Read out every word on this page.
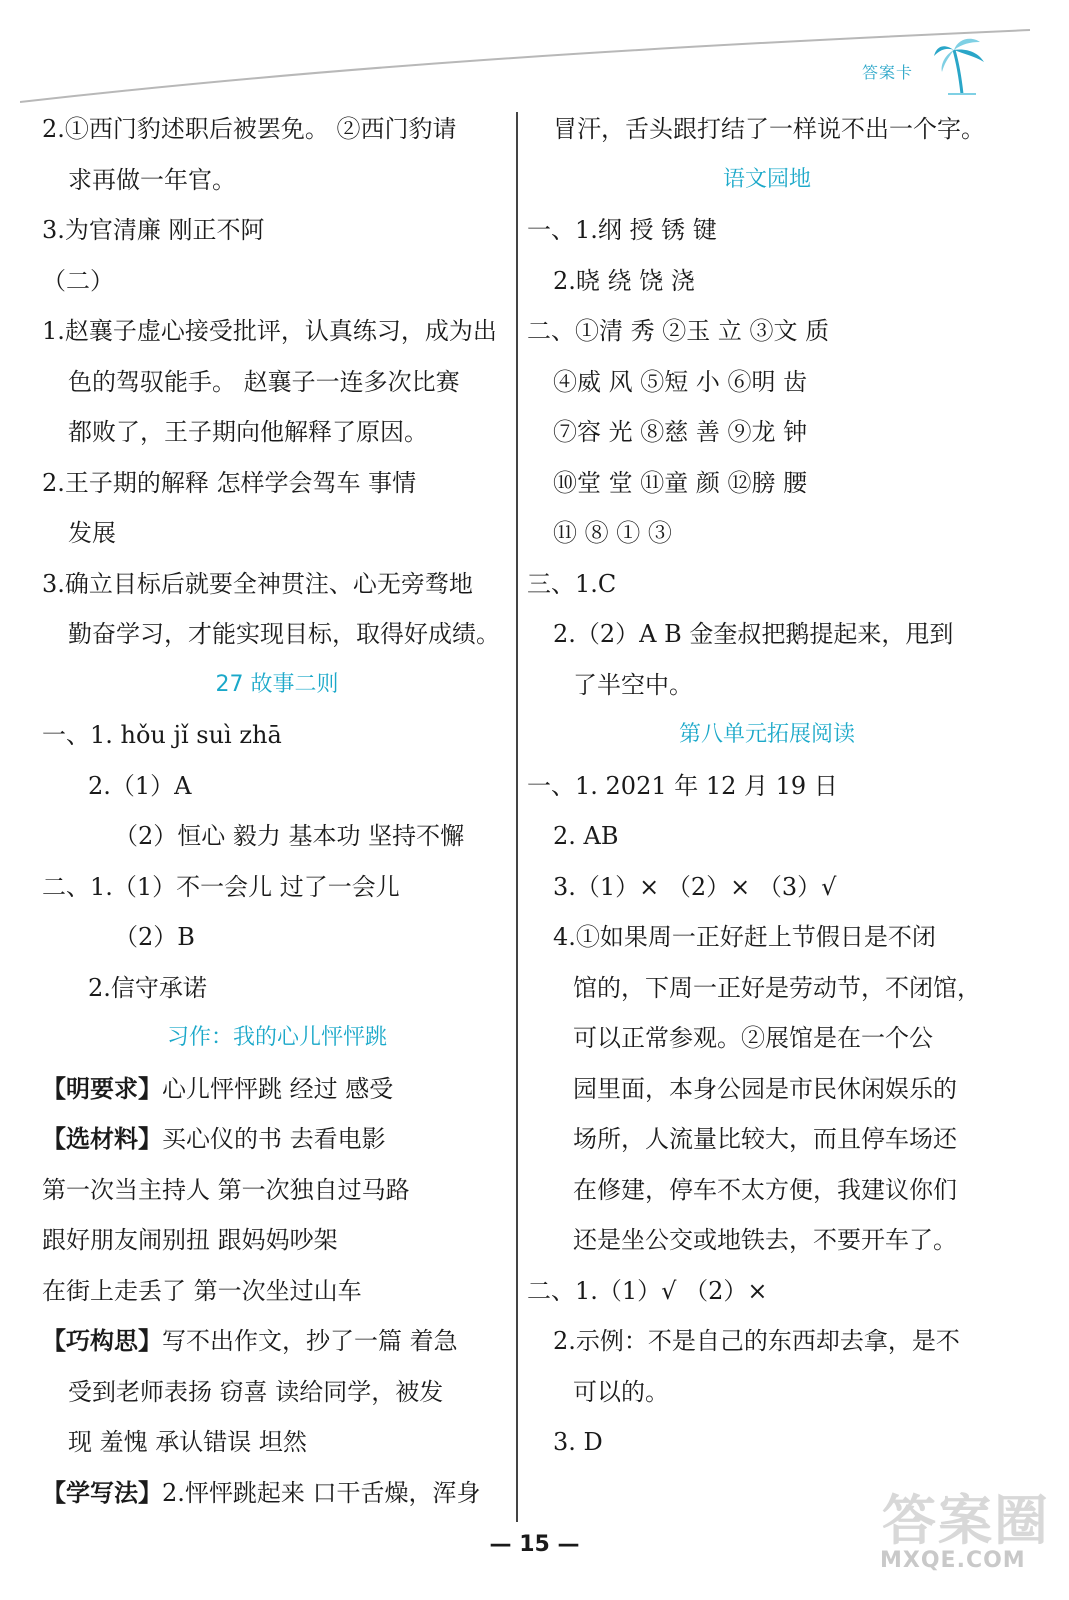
答案卡
2.①西门豹述职后被罢免。 ②西门豹请
求再做一年官。
3.为官清廉 刚正不阿
（二）
1.赵襄子虚心接受批评，认真练习，成为出
色的驾驭能手。 赵襄子一连多次比赛
都败了，王子期向他解释了原因。
2.王子期的解释 怎样学会驾车 事情
发展
3.确立目标后就要全神贯注、心无旁骛地
勤奋学习，才能实现目标，取得好成绩。
27 故事二则
一、1. hǒu jǐ suì zhā
2.（1）A
（2）恒心 毅力 基本功 坚持不懈
二、1.（1）不一会儿 过了一会儿
（2）B
2.信守承诺
习作：我的心儿怦怦跳
【明要求】心儿怦怦跳 经过 感受
【选材料】买心仪的书 去看电影
第一次当主持人 第一次独自过马路
跟好朋友闹别扭 跟妈妈吵架
在街上走丢了 第一次坐过山车
【巧构思】写不出作文，抄了一篇 着急
受到老师表扬 窃喜 读给同学，被发
现 羞愧 承认错误 坦然
【学写法】2.怦怦跳起来 口干舌燥，浑身
冒汗，舌头跟打结了一样说不出一个字。
语文园地
一、1.纲 授 锈 键
2.晓 绕 饶 浇
二、①清 秀 ②玉 立 ③文 质
④威 风 ⑤短 小 ⑥明 齿
⑦容 光 ⑧慈 善 ⑨龙 钟
⑩堂 堂 ⑪童 颜 ⑫膀 腰
⑪ ⑧ ① ③
三、1.C
2.（2）A B 金奎叔把鹅提起来，甩到
了半空中。
第八单元拓展阅读
一、1. 2021 年 12 月 19 日
2. AB
3.（1）× （2）× （3）√
4.①如果周一正好赶上节假日是不闭
馆的，下周一正好是劳动节，不闭馆，
可以正常参观。②展馆是在一个公
园里面，本身公园是市民休闲娱乐的
场所，人流量比较大，而且停车场还
在修建，停车不太方便，我建议你们
还是坐公交或地铁去，不要开车了。
二、1.（1）√ （2）×
2.示例：不是自己的东西却去拿，是不
可以的。
3. D
— 15 —	答案圈
MXQE.COM
